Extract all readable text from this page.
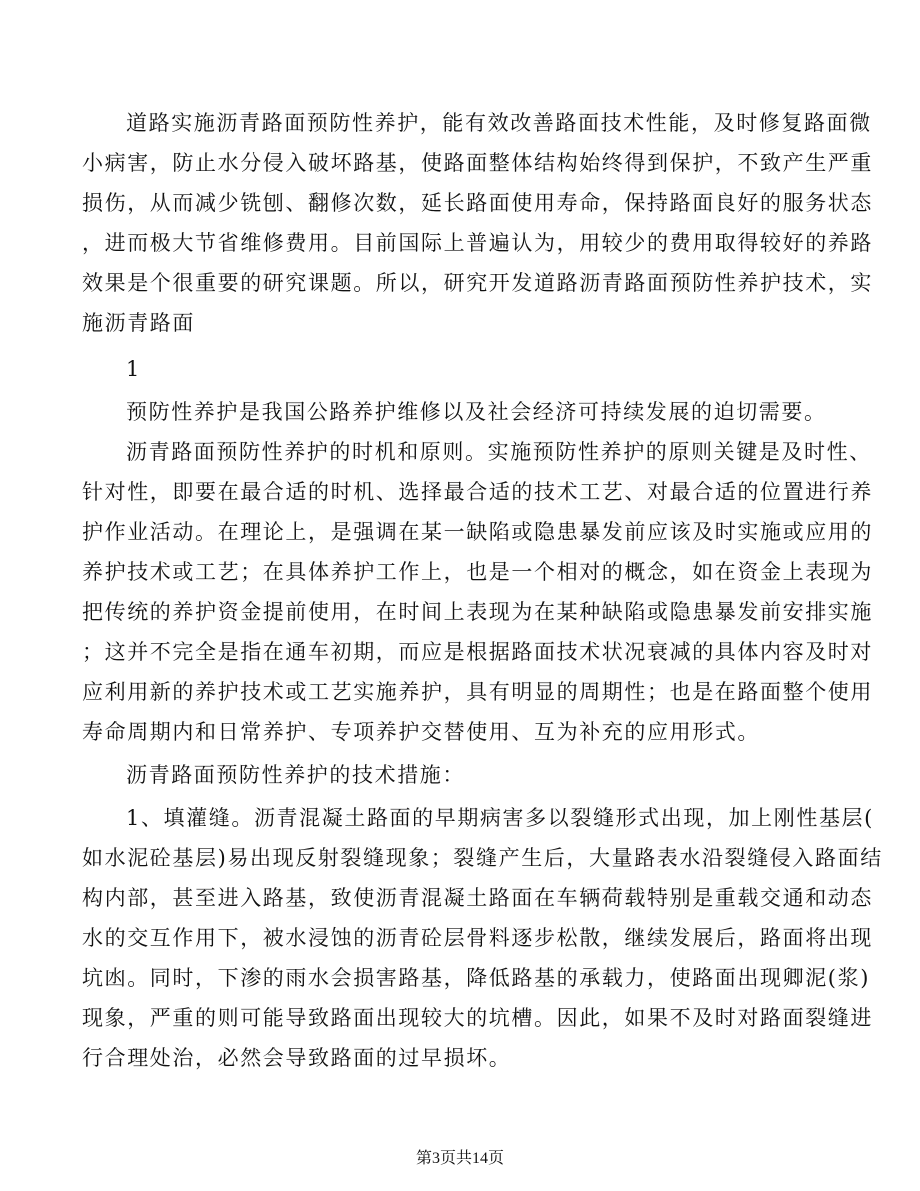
道路实施沥青路面预防性养护，能有效改善路面技术性能，及时修复路面微
小病害，防止水分侵入破坏路基，使路面整体结构始终得到保护，不致产生严重
损伤，从而减少铣刨、翻修次数，延长路面使用寿命，保持路面良好的服务状态
，进而极大节省维修费用。目前国际上普遍认为，用较少的费用取得较好的养路
效果是个很重要的研究课题。所以，研究开发道路沥青路面预防性养护技术，实
施沥青路面
1
预防性养护是我国公路养护维修以及社会经济可持续发展的迫切需要。
沥青路面预防性养护的时机和原则。实施预防性养护的原则关键是及时性、
针对性，即要在最合适的时机、选择最合适的技术工艺、对最合适的位置进行养
护作业活动。在理论上，是强调在某一缺陷或隐患暴发前应该及时实施或应用的
养护技术或工艺；在具体养护工作上，也是一个相对的概念，如在资金上表现为
把传统的养护资金提前使用，在时间上表现为在某种缺陷或隐患暴发前安排实施
；这并不完全是指在通车初期，而应是根据路面技术状况衰减的具体内容及时对
应利用新的养护技术或工艺实施养护，具有明显的周期性；也是在路面整个使用
寿命周期内和日常养护、专项养护交替使用、互为补充的应用形式。
沥青路面预防性养护的技术措施：
1、填灌缝。沥青混凝土路面的早期病害多以裂缝形式出现，加上刚性基层(
如水泥砼基层)易出现反射裂缝现象；裂缝产生后，大量路表水沿裂缝侵入路面结
构内部，甚至进入路基，致使沥青混凝土路面在车辆荷载特别是重载交通和动态
水的交互作用下，被水浸蚀的沥青砼层骨料逐步松散，继续发展后，路面将出现
坑凼。同时，下渗的雨水会损害路基，降低路基的承载力，使路面出现卿泥(浆)
现象，严重的则可能导致路面出现较大的坑槽。因此，如果不及时对路面裂缝进
行合理处治，必然会导致路面的过早损坏。
第3页共14页
